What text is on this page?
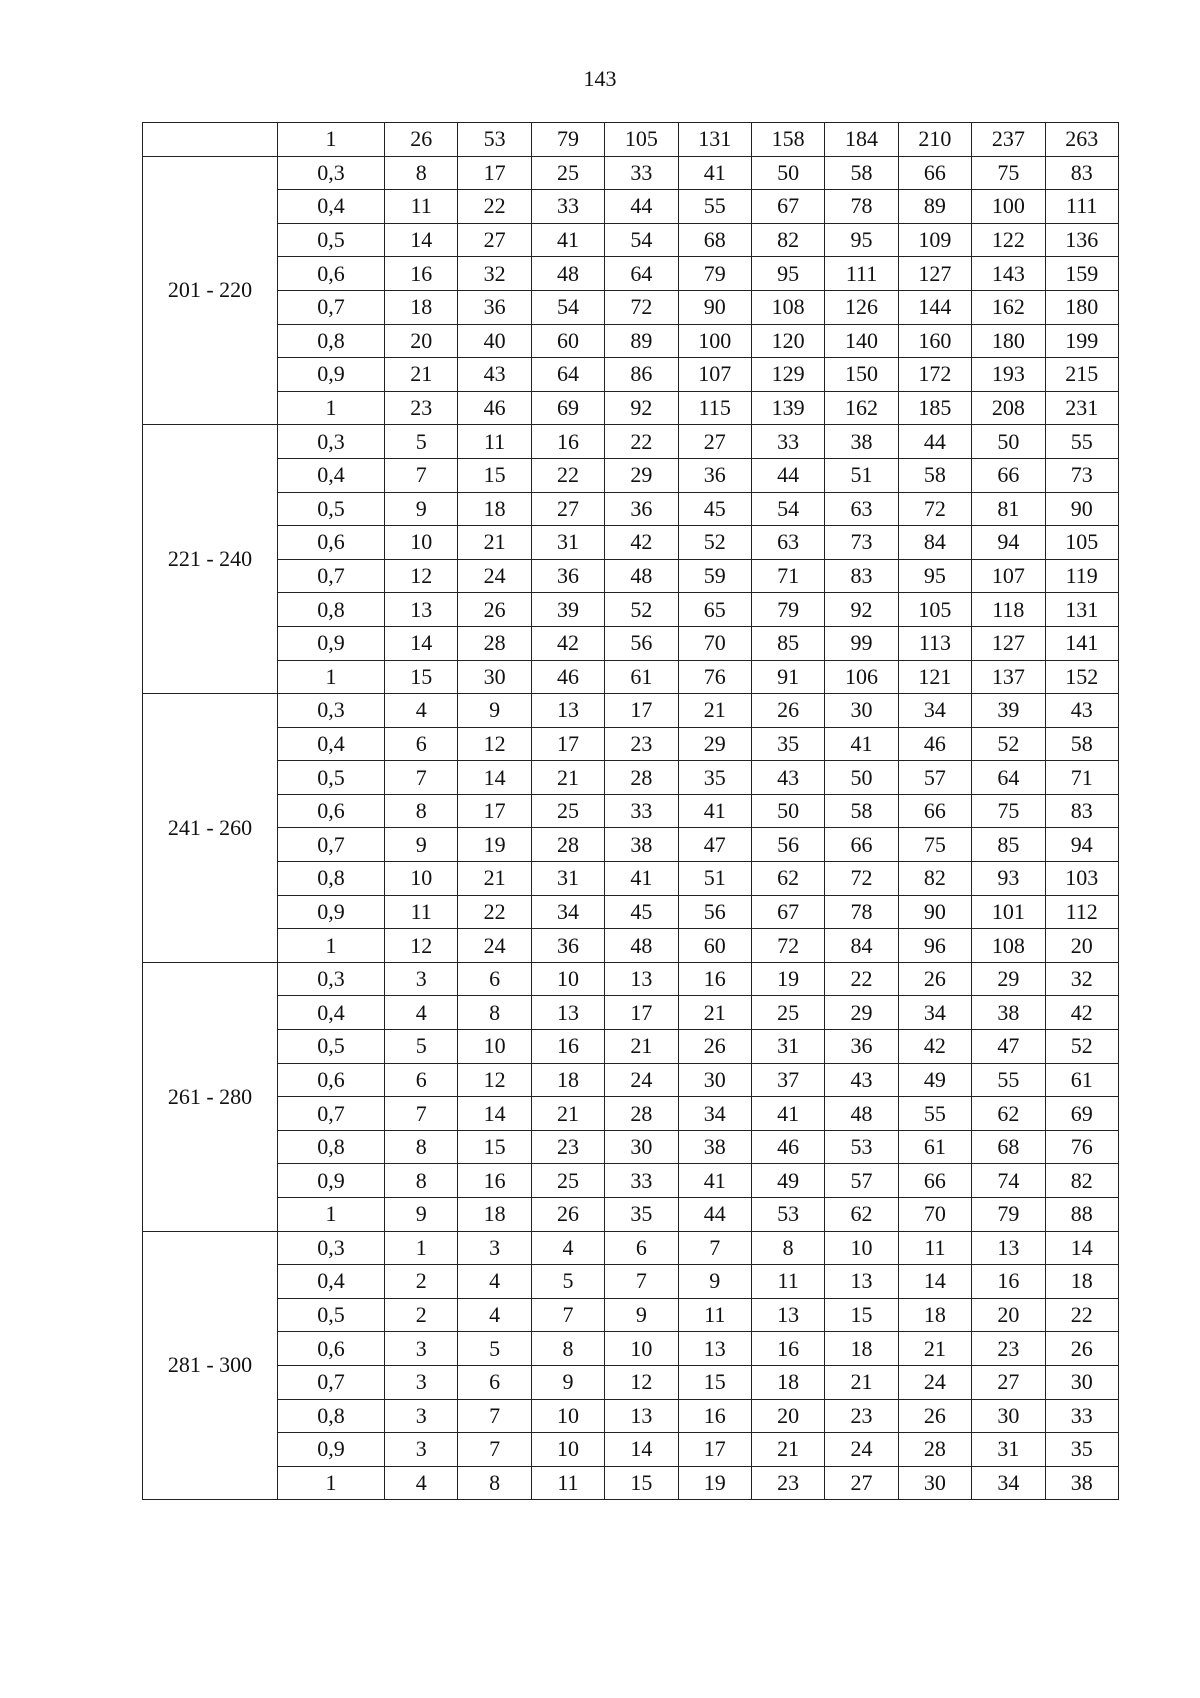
143
	1	26	53	79	105	131	158	184	210	237	263
201 - 220	0,3	8	17	25	33	41	50	58	66	75	83
	0,4	11	22	33	44	55	67	78	89	100	111
	0,5	14	27	41	54	68	82	95	109	122	136
	0,6	16	32	48	64	79	95	111	127	143	159
	0,7	18	36	54	72	90	108	126	144	162	180
	0,8	20	40	60	89	100	120	140	160	180	199
	0,9	21	43	64	86	107	129	150	172	193	215
	1	23	46	69	92	115	139	162	185	208	231
221 - 240	0,3	5	11	16	22	27	33	38	44	50	55
	0,4	7	15	22	29	36	44	51	58	66	73
	0,5	9	18	27	36	45	54	63	72	81	90
	0,6	10	21	31	42	52	63	73	84	94	105
	0,7	12	24	36	48	59	71	83	95	107	119
	0,8	13	26	39	52	65	79	92	105	118	131
	0,9	14	28	42	56	70	85	99	113	127	141
	1	15	30	46	61	76	91	106	121	137	152
241 - 260	0,3	4	9	13	17	21	26	30	34	39	43
	0,4	6	12	17	23	29	35	41	46	52	58
	0,5	7	14	21	28	35	43	50	57	64	71
	0,6	8	17	25	33	41	50	58	66	75	83
	0,7	9	19	28	38	47	56	66	75	85	94
	0,8	10	21	31	41	51	62	72	82	93	103
	0,9	11	22	34	45	56	67	78	90	101	112
	1	12	24	36	48	60	72	84	96	108	20
261 - 280	0,3	3	6	10	13	16	19	22	26	29	32
	0,4	4	8	13	17	21	25	29	34	38	42
	0,5	5	10	16	21	26	31	36	42	47	52
	0,6	6	12	18	24	30	37	43	49	55	61
	0,7	7	14	21	28	34	41	48	55	62	69
	0,8	8	15	23	30	38	46	53	61	68	76
	0,9	8	16	25	33	41	49	57	66	74	82
	1	9	18	26	35	44	53	62	70	79	88
281 - 300	0,3	1	3	4	6	7	8	10	11	13	14
	0,4	2	4	5	7	9	11	13	14	16	18
	0,5	2	4	7	9	11	13	15	18	20	22
	0,6	3	5	8	10	13	16	18	21	23	26
	0,7	3	6	9	12	15	18	21	24	27	30
	0,8	3	7	10	13	16	20	23	26	30	33
	0,9	3	7	10	14	17	21	24	28	31	35
	1	4	8	11	15	19	23	27	30	34	38
